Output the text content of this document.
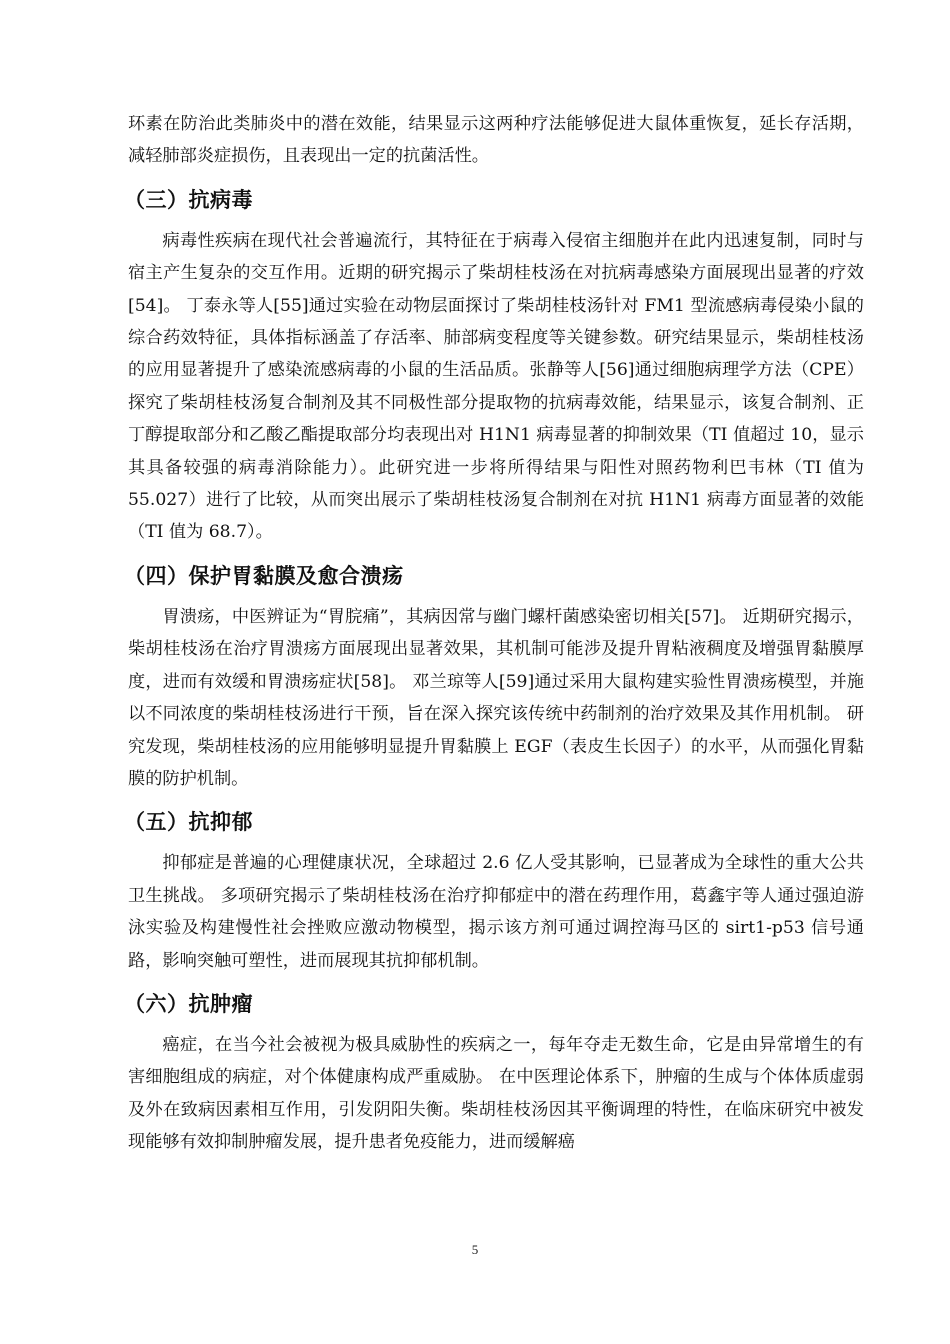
环素在防治此类肺炎中的潜在效能，结果显示这两种疗法能够促进大鼠体重恢复，延长存活期，减轻肺部炎症损伤，且表现出一定的抗菌活性。

（三）抗病毒

病毒性疾病在现代社会普遍流行，其特征在于病毒入侵宿主细胞并在此内迅速复制，同时与宿主产生复杂的交互作用。近期的研究揭示了柴胡桂枝汤在对抗病毒感染方面展现出显著的疗效[54]。 丁泰永等人[55]通过实验在动物层面探讨了柴胡桂枝汤针对 FM1 型流感病毒侵染小鼠的综合药效特征，具体指标涵盖了存活率、肺部病变程度等关键参数。研究结果显示，柴胡桂枝汤的应用显著提升了感染流感病毒的小鼠的生活品质。张静等人[56]通过细胞病理学方法（CPE）探究了柴胡桂枝汤复合制剂及其不同极性部分提取物的抗病毒效能，结果显示，该复合制剂、正丁醇提取部分和乙酸乙酯提取部分均表现出对 H1N1 病毒显著的抑制效果（TI 值超过 10，显示其具备较强的病毒消除能力）。此研究进一步将所得结果与阳性对照药物利巴韦林（TI 值为 55.027）进行了比较，从而突出展示了柴胡桂枝汤复合制剂在对抗 H1N1 病毒方面显著的效能（TI 值为 68.7）。

（四）保护胃黏膜及愈合溃疡

胃溃疡，中医辨证为“胃脘痛”，其病因常与幽门螺杆菌感染密切相关[57]。 近期研究揭示，柴胡桂枝汤在治疗胃溃疡方面展现出显著效果，其机制可能涉及提升胃粘液稠度及增强胃黏膜厚度，进而有效缓和胃溃疡症状[58]。 邓兰琼等人[59]通过采用大鼠构建实验性胃溃疡模型，并施以不同浓度的柴胡桂枝汤进行干预，旨在深入探究该传统中药制剂的治疗效果及其作用机制。 研究发现，柴胡桂枝汤的应用能够明显提升胃黏膜上 EGF（表皮生长因子）的水平，从而强化胃黏膜的防护机制。

（五）抗抑郁

抑郁症是普遍的心理健康状况，全球超过 2.6 亿人受其影响，已显著成为全球性的重大公共卫生挑战。 多项研究揭示了柴胡桂枝汤在治疗抑郁症中的潜在药理作用，葛鑫宇等人通过强迫游泳实验及构建慢性社会挫败应激动物模型，揭示该方剂可通过调控海马区的 sirt1-p53 信号通路，影响突触可塑性，进而展现其抗抑郁机制。

（六）抗肿瘤

癌症，在当今社会被视为极具威胁性的疾病之一，每年夺走无数生命，它是由异常增生的有害细胞组成的病症，对个体健康构成严重威胁。 在中医理论体系下，肿瘤的生成与个体体质虚弱及外在致病因素相互作用，引发阴阳失衡。柴胡桂枝汤因其平衡调理的特性，在临床研究中被发现能够有效抑制肿瘤发展，提升患者免疫能力，进而缓解癌

5
